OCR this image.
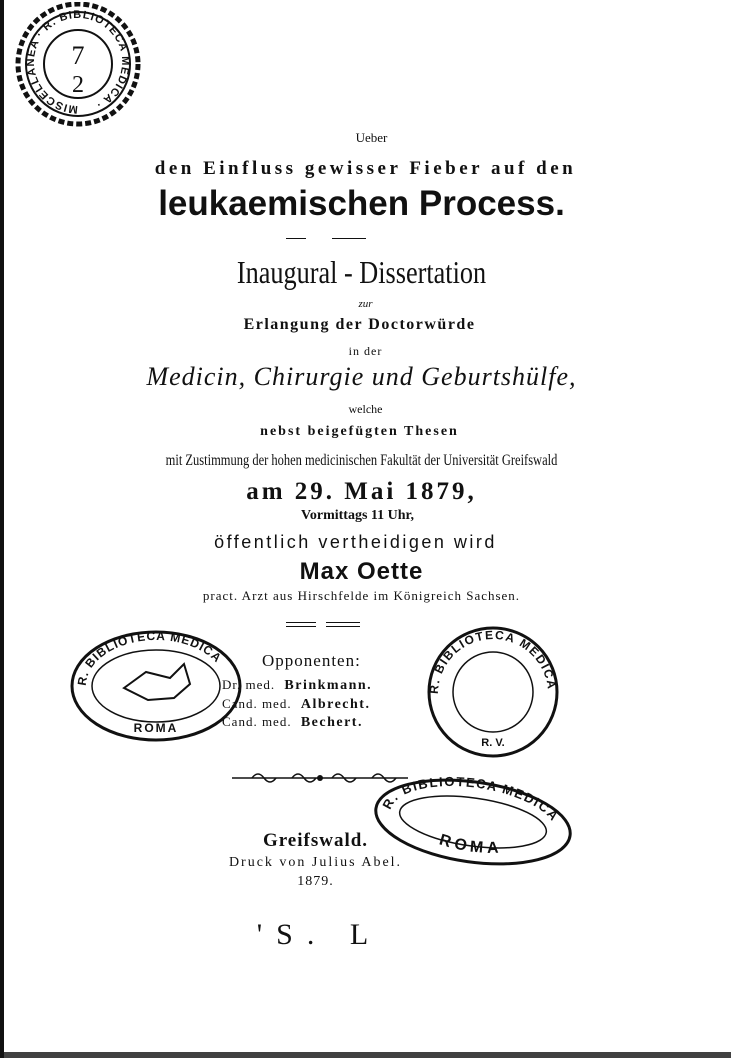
MISCELLANEA · R. BIBLIOTECA MEDICA ·
7
2
Ueber
den Einfluss gewisser Fieber auf den
leukaemischen Process.
Inaugural - Dissertation
zur
Erlangung der Doctorwürde
in der
Medicin, Chirurgie und Geburtshülfe,
welche
nebst beigefügten Thesen
mit Zustimmung der hohen medicinischen Fakultät der Universität Greifswald
am 29. Mai 1879,
Vormittags 11 Uhr,
öffentlich vertheidigen wird
Max Oette
pract. Arzt aus Hirschfelde im Königreich Sachsen.
R. BIBLIOTECA MEDICA
ROMA
R. BIBLIOTECA MEDICA
R. V.
Opponenten:
Dr. med. Brinkmann.
Cand. med. Albrecht.
Cand. med. Bechert.
R. BIBLIOTECA MEDICA
ROMA
Greifswald.
Druck von Julius Abel.
1879.
'S. L
